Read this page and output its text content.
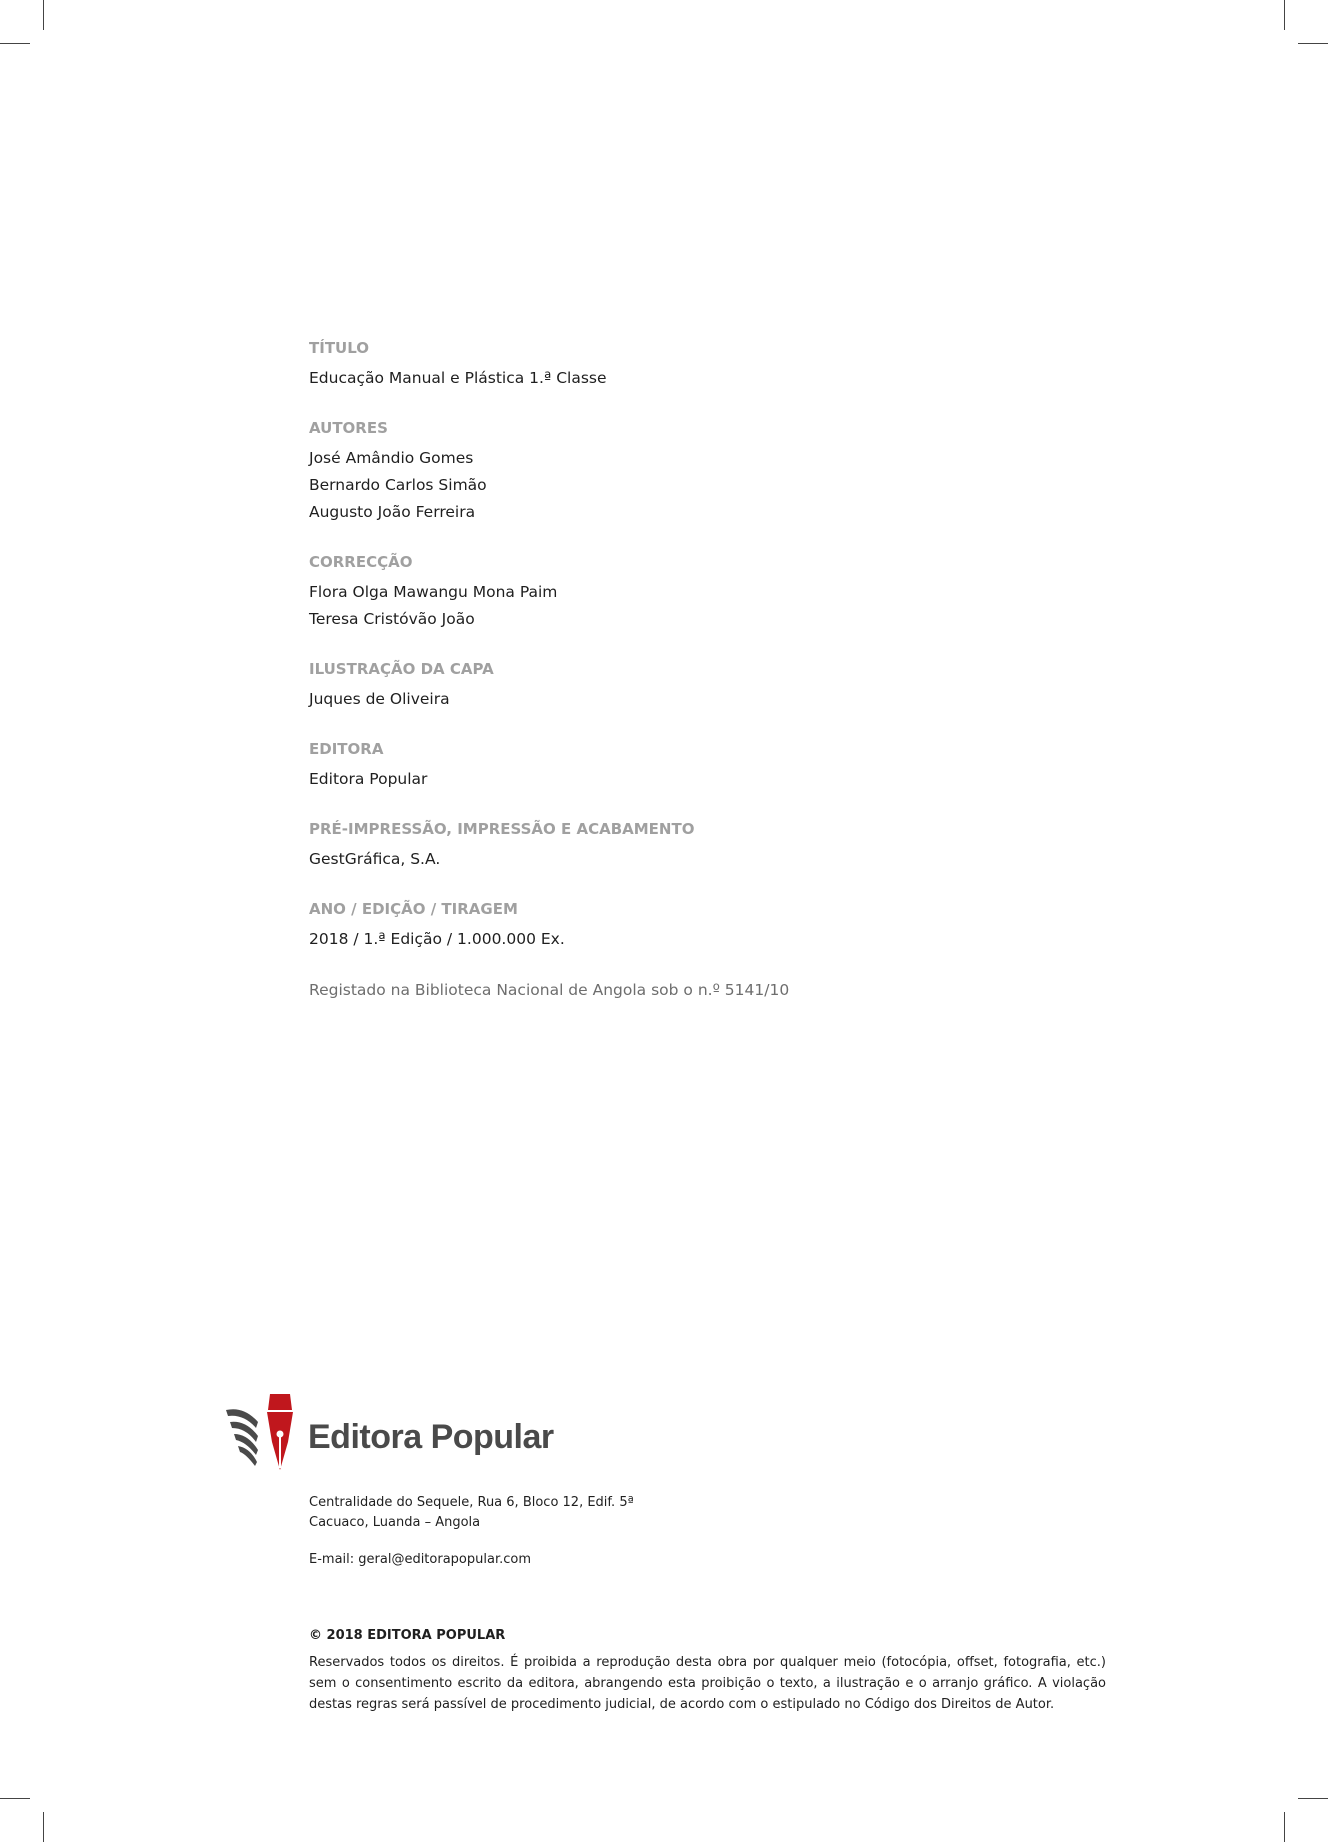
TÍTULO
Educação Manual e Plástica 1.ª Classe
AUTORES
José Amândio Gomes
Bernardo Carlos Simão
Augusto João Ferreira
CORRECÇÃO
Flora Olga Mawangu Mona Paim
Teresa Cristóvão João
ILUSTRAÇÃO DA CAPA
Juques de Oliveira
EDITORA
Editora Popular
PRÉ-IMPRESSÃO, IMPRESSÃO E ACABAMENTO
GestGráfica, S.A.
ANO / EDIÇÃO / TIRAGEM
2018 / 1.ª Edição / 1.000.000 Ex.
Registado na Biblioteca Nacional de Angola sob o n.º 5141/10
Editora Popular
Centralidade do Sequele, Rua 6, Bloco 12, Edif. 5ª
Cacuaco, Luanda – Angola
E-mail: geral@editorapopular.com
© 2018 EDITORA POPULAR
Reservados todos os direitos. É proibida a reprodução desta obra por qualquer meio (fotocópia, offset, fotografia, etc.) sem o consentimento escrito da editora, abrangendo esta proibição o texto, a ilustração e o arranjo gráfico. A violação destas regras será passível de procedimento judicial, de acordo com o estipulado no Código dos Direitos de Autor.
